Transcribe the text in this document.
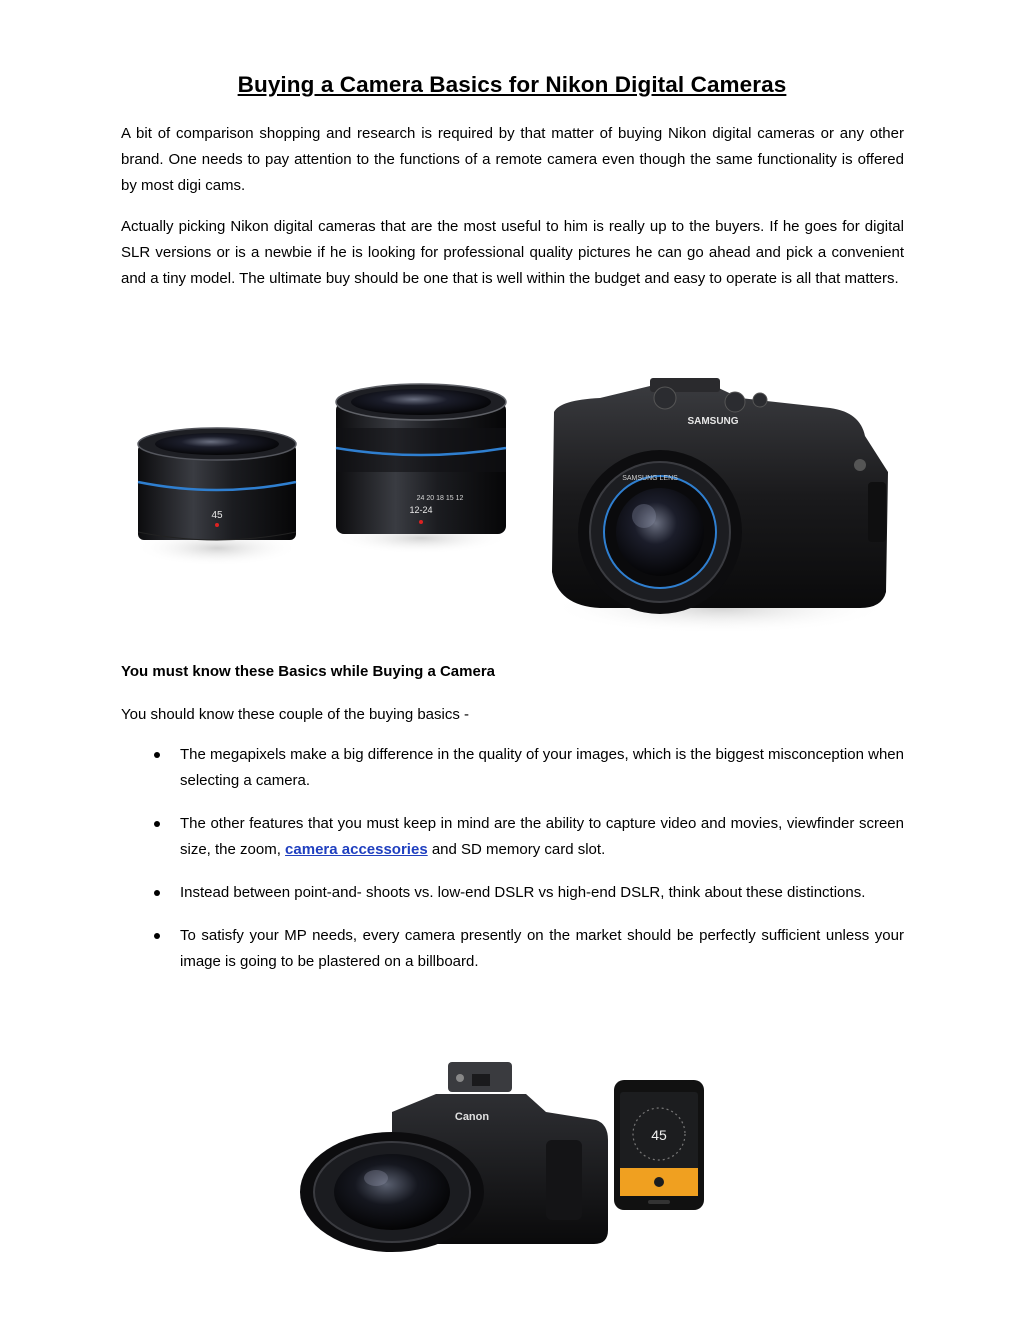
Buying a Camera Basics for Nikon Digital Cameras

A bit of comparison shopping and research is required by that matter of buying Nikon digital cameras or any other brand. One needs to pay attention to the functions of a remote camera even though the same functionality is offered by most digi cams.

Actually picking Nikon digital cameras that are the most useful to him is really up to the buyers. If he goes for digital SLR versions or is a newbie if he is looking for professional quality pictures he can go ahead and pick a convenient and a tiny model. The ultimate buy should be one that is well within the budget and easy to operate is all that matters.

45
24 20 18 15 12
12-24
SAMSUNG
SAMSUNG LENS
You must know these Basics while Buying a Camera
You should know these couple of the buying basics -
The megapixels make a big difference in the quality of your images, which is the biggest misconception when selecting a camera.
The other features that you must keep in mind are the ability to capture video and movies, viewfinder screen size, the zoom, camera accessories and SD memory card slot.
Instead between point-and- shoots vs. low-end DSLR vs high-end DSLR, think about these distinctions.
To satisfy your MP needs, every camera presently on the market should be perfectly sufficient unless your image is going to be plastered on a billboard.
Canon
45
